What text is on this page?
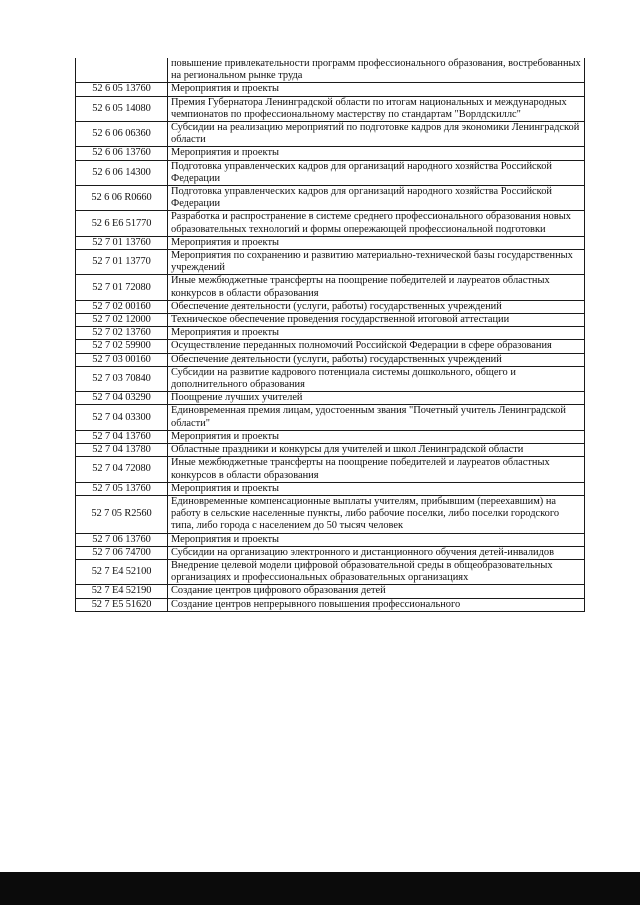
	повышение привлекательности программ профессионального образования, востребованных на региональном рынке труда
52 6 05 13760	Мероприятия и проекты
52 6 05 14080	Премия Губернатора Ленинградской области по итогам национальных и международных чемпионатов по профессиональному мастерству по стандартам "Ворлдскиллс"
52 6 06 06360	Субсидии на реализацию мероприятий по подготовке кадров для экономики Ленинградской области
52 6 06 13760	Мероприятия и проекты
52 6 06 14300	Подготовка управленческих кадров для организаций народного хозяйства Российской Федерации
52 6 06 R0660	Подготовка управленческих кадров для организаций народного хозяйства Российской Федерации
52 6 E6 51770	Разработка и распространение в системе среднего профессионального образования новых образовательных технологий и формы опережающей профессиональной подготовки
52 7 01 13760	Мероприятия и проекты
52 7 01 13770	Мероприятия по сохранению и развитию материально-технической базы государственных учреждений
52 7 01 72080	Иные межбюджетные трансферты на поощрение победителей и лауреатов областных конкурсов в области образования
52 7 02 00160	Обеспечение деятельности (услуги, работы) государственных учреждений
52 7 02 12000	Техническое обеспечение проведения государственной итоговой аттестации
52 7 02 13760	Мероприятия и проекты
52 7 02 59900	Осуществление переданных полномочий Российской Федерации в сфере образования
52 7 03 00160	Обеспечение деятельности (услуги, работы) государственных учреждений
52 7 03 70840	Субсидии на развитие кадрового потенциала системы дошкольного, общего и дополнительного образования
52 7 04 03290	Поощрение лучших учителей
52 7 04 03300	Единовременная премия лицам, удостоенным звания "Почетный учитель Ленинградской области"
52 7 04 13760	Мероприятия и проекты
52 7 04 13780	Областные праздники и конкурсы для учителей и школ Ленинградской области
52 7 04 72080	Иные межбюджетные трансферты на поощрение победителей и лауреатов областных конкурсов в области образования
52 7 05 13760	Мероприятия и проекты
52 7 05 R2560	Единовременные компенсационные выплаты учителям, прибывшим (переехавшим) на работу в сельские населенные пункты, либо рабочие поселки, либо поселки городского типа, либо города с населением до 50 тысяч человек
52 7 06 13760	Мероприятия и проекты
52 7 06 74700	Субсидии на организацию электронного и дистанционного обучения детей-инвалидов
52 7 E4 52100	Внедрение целевой модели цифровой образовательной среды в общеобразовательных организациях и профессиональных образовательных организациях
52 7 E4 52190	Создание центров цифрового образования детей
52 7 E5 51620	Создание центров непрерывного повышения профессионального
